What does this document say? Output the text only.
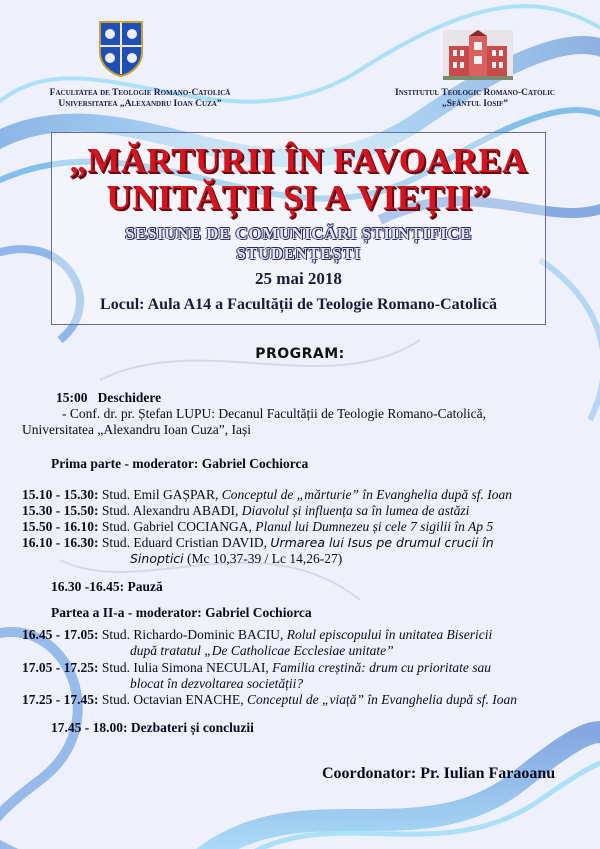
Facultatea de Teologie Romano-Catolică
Universitatea „Alexandru Ioan Cuza”
Institutul Teologic Romano-Catolic
„Sfântul Iosif”
„MĂRTURII ÎN FAVOAREA
UNITĂȚII ȘI A VIEȚII”
SESIUNE DE COMUNICĂRI ȘTIINȚIFICE
STUDENȚEȘTI
25 mai 2018
Locul: Aula A14 a Facultății de Teologie Romano-Catolică
PROGRAM:
15:00 Deschidere
- Conf. dr. pr. Ștefan LUPU: Decanul Facultății de Teologie Romano-Catolică,
Universitatea „Alexandru Ioan Cuza”, Iași
Prima parte - moderator: Gabriel Cochiorca
15.10 - 15.30: Stud. Emil GAȘPAR, Conceptul de „mărturie” în Evanghelia după sf. Ioan
15.30 - 15.50: Stud. Alexandru ABADI, Diavolul și influența sa în lumea de astăzi
15.50 - 16.10: Stud. Gabriel COCIANGA, Planul lui Dumnezeu și cele 7 sigilii în Ap 5
16.10 - 16.30: Stud. Eduard Cristian DAVID, Urmarea lui Isus pe drumul crucii în
Sinoptici (Mc 10,37-39 / Lc 14,26-27)
16.30 -16.45: Pauză
Partea a II-a - moderator: Gabriel Cochiorca
16.45 - 17.05: Stud. Richardo-Dominic BACIU, Rolul episcopului în unitatea Bisericii
după tratatul „De Catholicae Ecclesiae unitate”
17.05 - 17.25: Stud. Iulia Simona NECULAI, Familia creștină: drum cu prioritate sau
blocat în dezvoltarea societății?
17.25 - 17.45: Stud. Octavian ENACHE, Conceptul de „viață” în Evanghelia după sf. Ioan
17.45 - 18.00: Dezbateri și concluzii
Coordonator: Pr. Iulian Faraoanu
